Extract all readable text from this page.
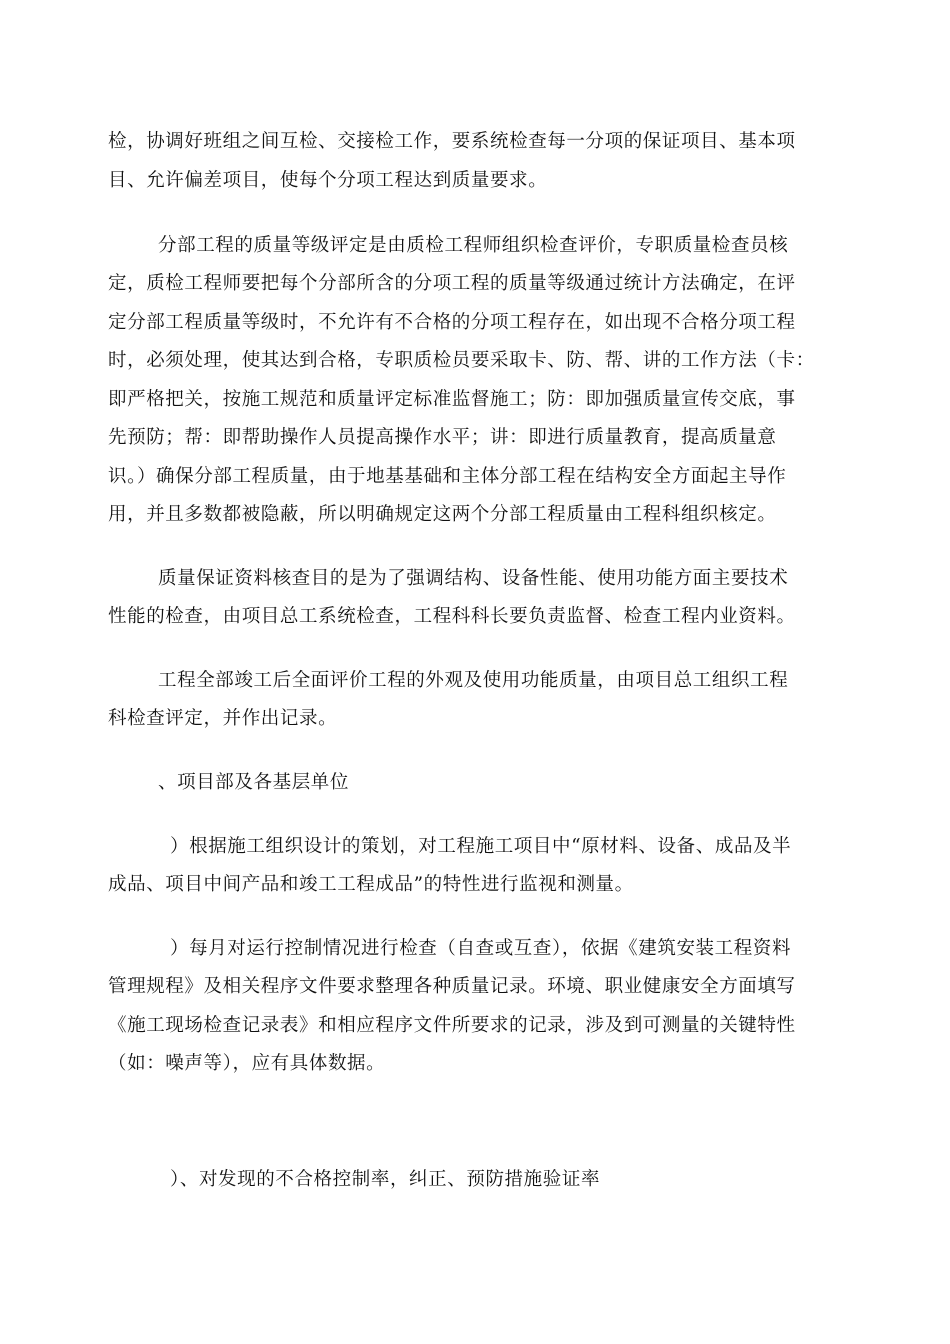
检，协调好班组之间互检、交接检工作，要系统检查每一分项的保证项目、基本项
目、允许偏差项目，使每个分项工程达到质量要求。
分部工程的质量等级评定是由质检工程师组织检查评价，专职质量检查员核
定，质检工程师要把每个分部所含的分项工程的质量等级通过统计方法确定，在评
定分部工程质量等级时，不允许有不合格的分项工程存在，如出现不合格分项工程
时，必须处理，使其达到合格，专职质检员要采取卡、防、帮、讲的工作方法（卡：
即严格把关，按施工规范和质量评定标准监督施工；防：即加强质量宣传交底，事
先预防；帮：即帮助操作人员提高操作水平；讲：即进行质量教育，提高质量意
识。）确保分部工程质量，由于地基基础和主体分部工程在结构安全方面起主导作
用，并且多数都被隐蔽，所以明确规定这两个分部工程质量由工程科组织核定。
质量保证资料核查目的是为了强调结构、设备性能、使用功能方面主要技术
性能的检查，由项目总工系统检查，工程科科长要负责监督、检查工程内业资料。
工程全部竣工后全面评价工程的外观及使用功能质量，由项目总工组织工程
科检查评定，并作出记录。
、项目部及各基层单位
）根据施工组织设计的策划，对工程施工项目中“原材料、设备、成品及半
成品、项目中间产品和竣工工程成品”的特性进行监视和测量。
）每月对运行控制情况进行检查（自查或互查），依据《建筑安装工程资料
管理规程》及相关程序文件要求整理各种质量记录。环境、职业健康安全方面填写
《施工现场检查记录表》和相应程序文件所要求的记录，涉及到可测量的关键特性
（如：噪声等），应有具体数据。
）、对发现的不合格控制率，纠正、预防措施验证率
